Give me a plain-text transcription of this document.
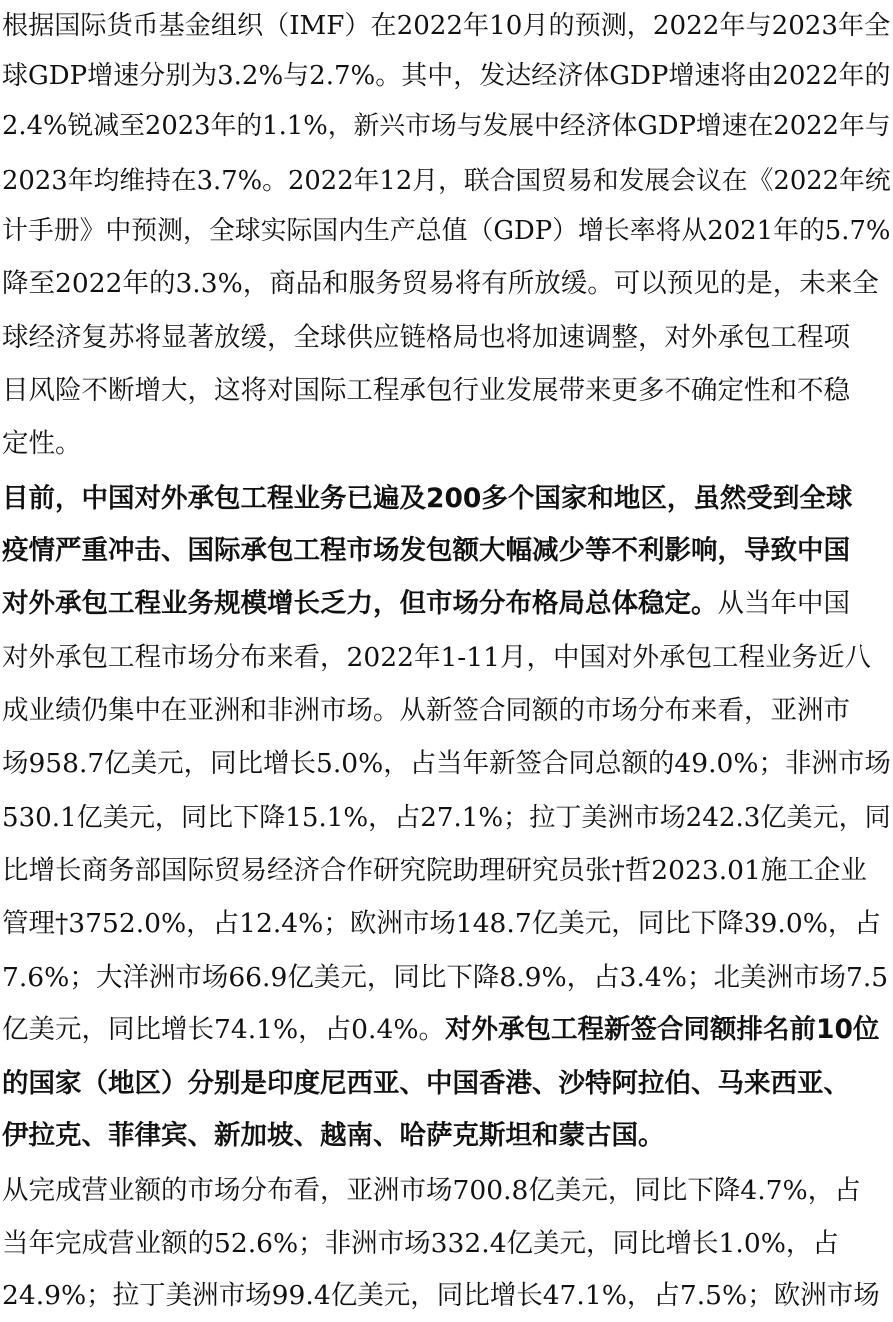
根据国际货币基金组织（IMF）在2022年10月的预测，2022年与2023年全
球GDP增速分别为3.2%与2.7%。其中，发达经济体GDP增速将由2022年的
2.4%锐减至2023年的1.1%，新兴市场与发展中经济体GDP增速在2022年与
2023年均维持在3.7%。2022年12月，联合国贸易和发展会议在《2022年统
计手册》中预测，全球实际国内生产总值（GDP）增长率将从2021年的5.7%
降至2022年的3.3%，商品和服务贸易将有所放缓。可以预见的是，未来全
球经济复苏将显著放缓，全球供应链格局也将加速调整，对外承包工程项
目风险不断增大，这将对国际工程承包行业发展带来更多不确定性和不稳
定性。
目前，中国对外承包工程业务已遍及200多个国家和地区，虽然受到全球
疫情严重冲击、国际承包工程市场发包额大幅减少等不利影响，导致中国
对外承包工程业务规模增长乏力，但市场分布格局总体稳定。从当年中国
对外承包工程市场分布来看，2022年1-11月，中国对外承包工程业务近八
成业绩仍集中在亚洲和非洲市场。从新签合同额的市场分布来看，亚洲市
场958.7亿美元，同比增长5.0%，占当年新签合同总额的49.0%；非洲市场
530.1亿美元，同比下降15.1%，占27.1%；拉丁美洲市场242.3亿美元，同
比增长商务部国际贸易经济合作研究院助理研究员张†哲2023.01施工企业
管理†3752.0%，占12.4%；欧洲市场148.7亿美元，同比下降39.0%，占
7.6%；大洋洲市场66.9亿美元，同比下降8.9%，占3.4%；北美洲市场7.5
亿美元，同比增长74.1%，占0.4%。对外承包工程新签合同额排名前10位
的国家（地区）分别是印度尼西亚、中国香港、沙特阿拉伯、马来西亚、
伊拉克、菲律宾、新加坡、越南、哈萨克斯坦和蒙古国。
从完成营业额的市场分布看，亚洲市场700.8亿美元，同比下降4.7%，占
当年完成营业额的52.6%；非洲市场332.4亿美元，同比增长1.0%，占
24.9%；拉丁美洲市场99.4亿美元，同比增长47.1%，占7.5%；欧洲市场
